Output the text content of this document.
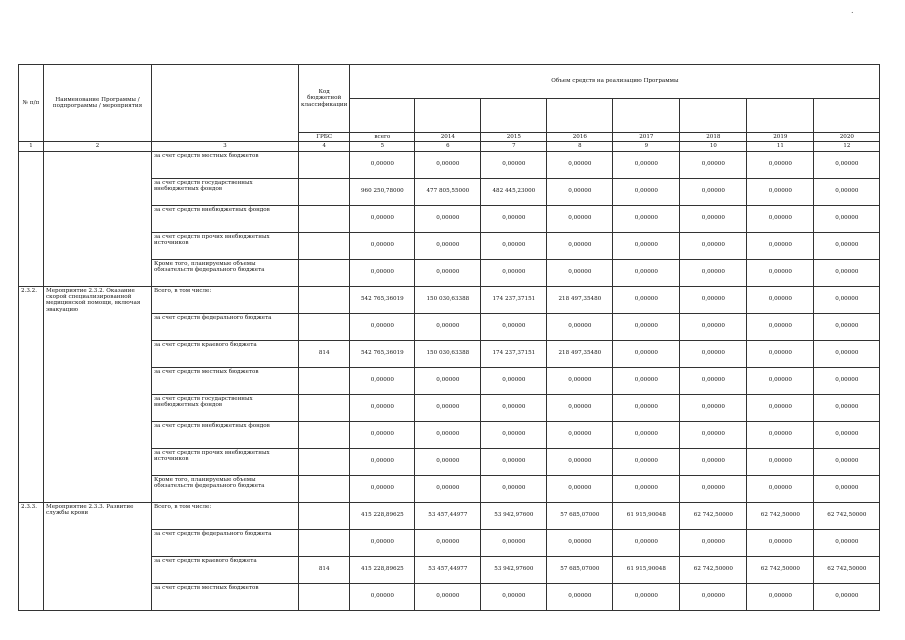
.
№ п/п	Наименование Программы / подпрограммы / мероприятия		Код бюджетной классификации	Объем средств на реализацию Программы							

			ГРБС	всего	2014	2015	2016	2017	2018	2019	2020
1	2	3	4	5	6	7	8	9	10	11	12
		за счет средств местных бюджетов		0,00000	0,00000	0,00000	0,00000	0,00000	0,00000	0,00000	0,00000
		за счет средств государственных внебюджетных фондов		960 250,78000	477 805,55000	482 445,23000	0,00000	0,00000	0,00000	0,00000	0,00000
		за счет средств внебюджетных фондов		0,00000	0,00000	0,00000	0,00000	0,00000	0,00000	0,00000	0,00000
		за счет средств прочих внебюджетных источников		0,00000	0,00000	0,00000	0,00000	0,00000	0,00000	0,00000	0,00000
		Кроме того, планируемые объемы обязательств федерального бюджета		0,00000	0,00000	0,00000	0,00000	0,00000	0,00000	0,00000	0,00000
2.3.2.	Мероприятие 2.3.2. Оказание скорой специализированной медицинской помощи, включая эвакуацию	Всего, в том числе:		542 765,36019	150 030,63388	174 237,37151	218 497,35480	0,00000	0,00000	0,00000	0,00000
		за счет средств федерального бюджета		0,00000	0,00000	0,00000	0,00000	0,00000	0,00000	0,00000	0,00000
		за счет средств краевого бюджета	814	542 765,36019	150 030,63388	174 237,37151	218 497,35480	0,00000	0,00000	0,00000	0,00000
		за счет средств местных бюджетов		0,00000	0,00000	0,00000	0,00000	0,00000	0,00000	0,00000	0,00000
		за счет средств государственных внебюджетных фондов		0,00000	0,00000	0,00000	0,00000	0,00000	0,00000	0,00000	0,00000
		за счет средств внебюджетных фондов		0,00000	0,00000	0,00000	0,00000	0,00000	0,00000	0,00000	0,00000
		за счет средств прочих внебюджетных источников		0,00000	0,00000	0,00000	0,00000	0,00000	0,00000	0,00000	0,00000
		Кроме того, планируемые объемы обязательств федерального бюджета		0,00000	0,00000	0,00000	0,00000	0,00000	0,00000	0,00000	0,00000
2.3.3.	Мероприятие 2.3.3. Развитие службы крови	Всего, в том числе:		415 228,89625	53 457,44977	53 942,97600	57 685,07000	61 915,90048	62 742,50000	62 742,50000	62 742,50000
		за счет средств федерального бюджета		0,00000	0,00000	0,00000	0,00000	0,00000	0,00000	0,00000	0,00000
		за счет средств краевого бюджета	814	415 228,89625	53 457,44977	53 942,97600	57 685,07000	61 915,90048	62 742,50000	62 742,50000	62 742,50000
		за счет средств местных бюджетов		0,00000	0,00000	0,00000	0,00000	0,00000	0,00000	0,00000	0,00000
